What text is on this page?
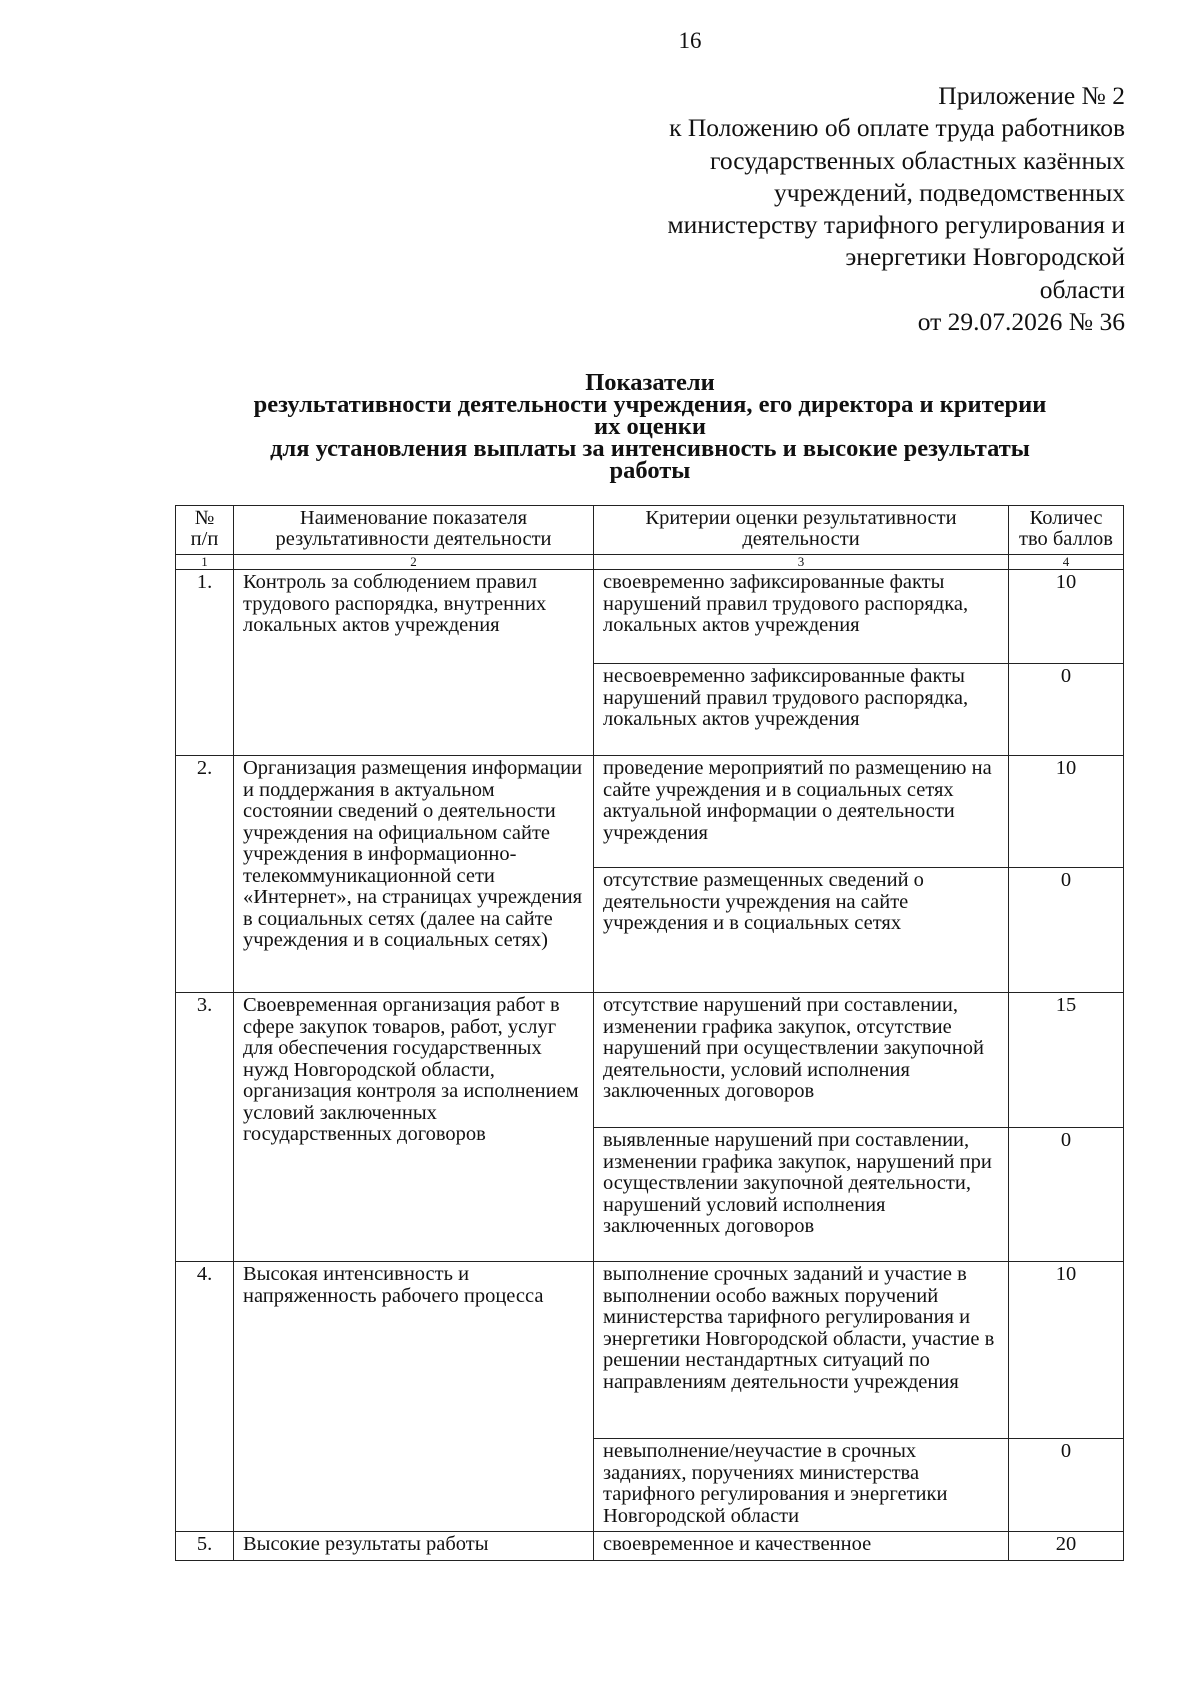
16
Приложение № 2
к Положению об оплате труда работников
государственных областных казённых
учреждений, подведомственных
министерству тарифного регулирования и
энергетики Новгородской
области
от 29.07.2026 № 36
Показатели
результативности деятельности учреждения, его директора и критерии
их оценки
для установления выплаты за интенсивность и высокие результаты
работы
№ п/п	Наименование показателя результативности деятельности	Критерии оценки результативности деятельности	Количес тво баллов
1	2	3	4
1.	Контроль за соблюдением правил трудового распорядка, внутренних локальных актов учреждения	своевременно зафиксированные факты нарушений правил трудового распорядка, локальных актов учреждения	10
		несвоевременно зафиксированные факты нарушений правил трудового распорядка, локальных актов учреждения	0
2.	Организация размещения информации и поддержания в актуальном состоянии сведений о деятельности учреждения на официальном сайте учреждения в информационно-телекоммуникационной сети «Интернет», на страницах учреждения в социальных сетях (далее на сайте учреждения и в социальных сетях)	проведение мероприятий по размещению на сайте учреждения и в социальных сетях актуальной информации о деятельности учреждения	10
		отсутствие размещенных сведений о деятельности учреждения на сайте учреждения и в социальных сетях	0
3.	Своевременная организация работ в сфере закупок товаров, работ, услуг для обеспечения государственных нужд Новгородской области, организация контроля за исполнением условий заключенных государственных договоров	отсутствие нарушений при составлении, изменении графика закупок, отсутствие нарушений при осуществлении закупочной деятельности, условий исполнения заключенных договоров	15
		выявленные нарушений при составлении, изменении графика закупок, нарушений при осуществлении закупочной деятельности, нарушений условий исполнения заключенных договоров	0
4.	Высокая интенсивность и напряженность рабочего процесса	выполнение срочных заданий и участие в выполнении особо важных поручений министерства тарифного регулирования и энергетики Новгородской области, участие в решении нестандартных ситуаций по направлениям деятельности учреждения	10
		невыполнение/неучастие в срочных заданиях, поручениях министерства тарифного регулирования и энергетики Новгородской области	0
5.	Высокие результаты работы	своевременное и качественное	20
